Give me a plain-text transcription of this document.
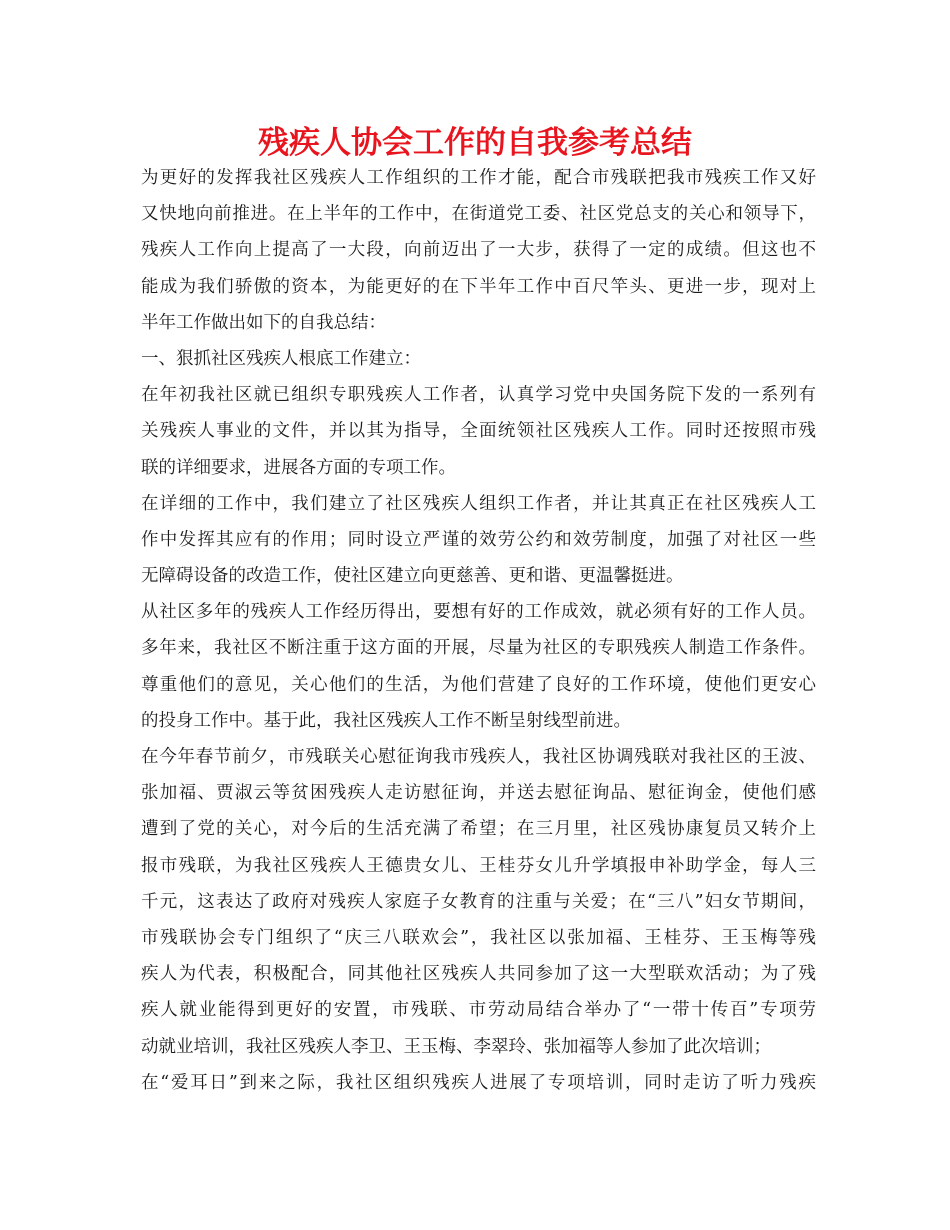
残疾人协会工作的自我参考总结
为更好的发挥我社区残疾人工作组织的工作才能，配合市残联把我市残疾工作又好
又快地向前推进。在上半年的工作中，在街道党工委、社区党总支的关心和领导下，
残疾人工作向上提高了一大段，向前迈出了一大步，获得了一定的成绩。但这也不
能成为我们骄傲的资本，为能更好的在下半年工作中百尺竿头、更进一步，现对上
半年工作做出如下的自我总结：
一、狠抓社区残疾人根底工作建立：
在年初我社区就已组织专职残疾人工作者，认真学习党中央国务院下发的一系列有
关残疾人事业的文件，并以其为指导，全面统领社区残疾人工作。同时还按照市残
联的详细要求，进展各方面的专项工作。
在详细的工作中，我们建立了社区残疾人组织工作者，并让其真正在社区残疾人工
作中发挥其应有的作用；同时设立严谨的效劳公约和效劳制度，加强了对社区一些
无障碍设备的改造工作，使社区建立向更慈善、更和谐、更温馨挺进。
从社区多年的残疾人工作经历得出，要想有好的工作成效，就必须有好的工作人员。
多年来，我社区不断注重于这方面的开展，尽量为社区的专职残疾人制造工作条件。
尊重他们的意见，关心他们的生活，为他们营建了良好的工作环境，使他们更安心
的投身工作中。基于此，我社区残疾人工作不断呈射线型前进。
在今年春节前夕，市残联关心慰征询我市残疾人，我社区协调残联对我社区的王波、
张加福、贾淑云等贫困残疾人走访慰征询，并送去慰征询品、慰征询金，使他们感
遭到了党的关心，对今后的生活充满了希望；在三月里，社区残协康复员又转介上
报市残联，为我社区残疾人王德贵女儿、王桂芬女儿升学填报申补助学金，每人三
千元，这表达了政府对残疾人家庭子女教育的注重与关爱；在“三八”妇女节期间，
市残联协会专门组织了“庆三八联欢会”，我社区以张加福、王桂芬、王玉梅等残
疾人为代表，积极配合，同其他社区残疾人共同参加了这一大型联欢活动；为了残
疾人就业能得到更好的安置，市残联、市劳动局结合举办了“一带十传百”专项劳
动就业培训，我社区残疾人李卫、王玉梅、李翠玲、张加福等人参加了此次培训；
在“爱耳日”到来之际，我社区组织残疾人进展了专项培训，同时走访了听力残疾
